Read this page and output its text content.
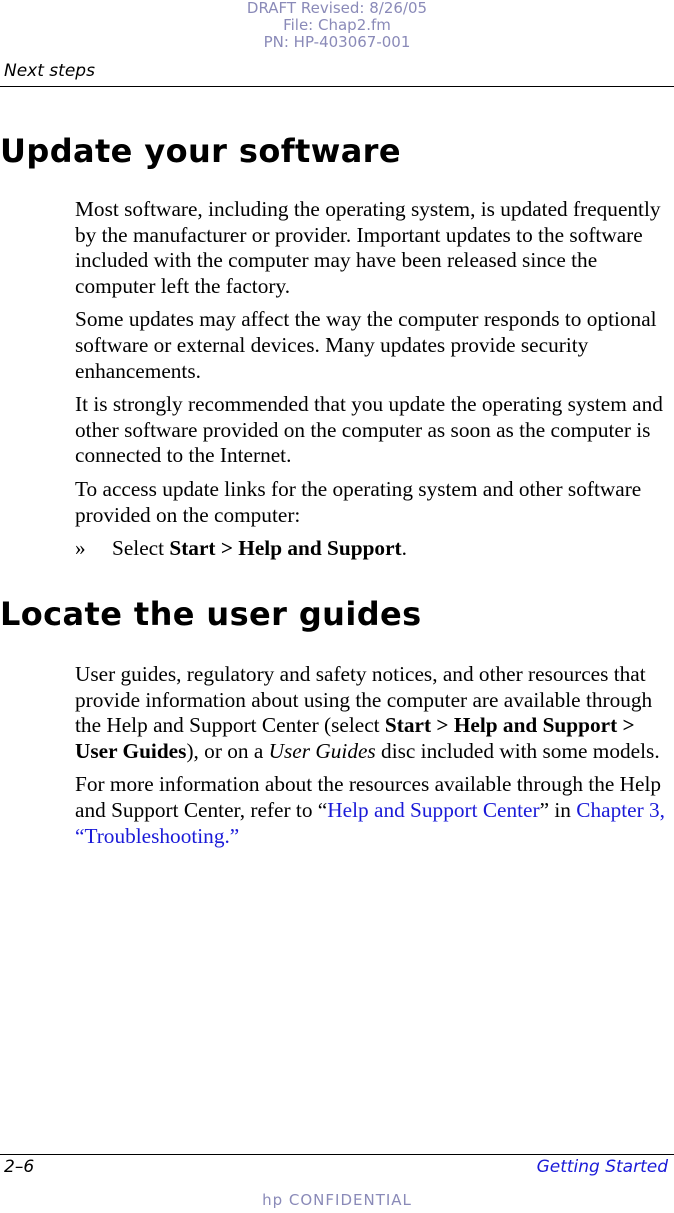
DRAFT Revised: 8/26/05
File: Chap2.fm
PN: HP-403067-001
Next steps
Update your software

Most software, including the operating system, is updated frequently by the manufacturer or provider. Important updates to the software included with the computer may have been released since the computer left the factory.

Some updates may affect the way the computer responds to optional software or external devices. Many updates provide security enhancements.

It is strongly recommended that you update the operating system and other software provided on the computer as soon as the computer is connected to the Internet.

To access update links for the operating system and other software provided on the computer:

»	Select Start > Help and Support.
Locate the user guides

User guides, regulatory and safety notices, and other resources that provide information about using the computer are available through the Help and Support Center (select Start > Help and Support > User Guides), or on a User Guides disc included with some models.

For more information about the resources available through the Help and Support Center, refer to “Help and Support Center” in Chapter 3, “Troubleshooting.”

2–6	Getting Started
hp CONFIDENTIAL
